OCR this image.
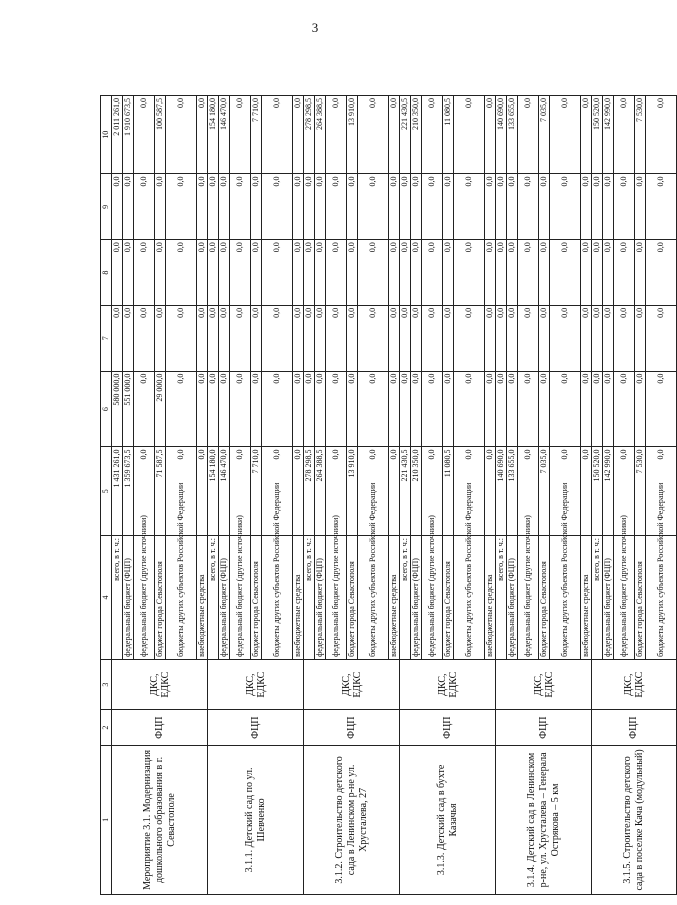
3
1	2	3	4	5	6	7	8	9	10
Мероприятие 3.1. Модернизация дошкольного образования в г. Севастополе	ФЦП	ДКС, ЕДКС	всего, в т. ч.:	1 431 261,0	580 000,0	0,0	0,0	0,0	2 011 261,0
			федеральный бюджет (ФЦП)	1 359 673,5	551 000,0	0,0	0,0	0,0	1 910 673,5
			федеральный бюджет (другие источники)	0,0	0,0	0,0	0,0	0,0	0,0
			бюджет города Севастополя	71 587,5	29 000,0	0,0	0,0	0,0	100 587,5
			бюджеты других субъектов Российской Федерации	0,0	0,0	0,0	0,0	0,0	0,0
			внебюджетные средства	0,0	0,0	0,0	0,0	0,0	0,0
3.1.1. Детский сад по ул. Шевченко	ФЦП	ДКС, ЕДКС	всего, в т. ч.:	154 180,0	0,0	0,0	0,0	0,0	154 180,0
			федеральный бюджет (ФЦП)	146 470,0	0,0	0,0	0,0	0,0	146 470,0
			федеральный бюджет (другие источники)	0,0	0,0	0,0	0,0	0,0	0,0
			бюджет города Севастополя	7 710,0	0,0	0,0	0,0	0,0	7 710,0
			бюджеты других субъектов Российской Федерации	0,0	0,0	0,0	0,0	0,0	0,0
			внебюджетные средства	0,0	0,0	0,0	0,0	0,0	0,0
3.1.2. Строительство детского сада в Ленинском р-не ул. Хрусталева, 27	ФЦП	ДКС, ЕДКС	всего, в т. ч.:	278 298,5	0,0	0,0	0,0	0,0	278 298,5
			федеральный бюджет (ФЦП)	264 388,5	0,0	0,0	0,0	0,0	264 388,5
			федеральный бюджет (другие источники)	0,0	0,0	0,0	0,0	0,0	0,0
			бюджет города Севастополя	13 910,0	0,0	0,0	0,0	0,0	13 910,0
			бюджеты других субъектов Российской Федерации	0,0	0,0	0,0	0,0	0,0	0,0
			внебюджетные средства	0,0	0,0	0,0	0,0	0,0	0,0
3.1.3. Детский сад в бухте Казачья	ФЦП	ДКС, ЕДКС	всего, в т. ч.:	221 430,5	0,0	0,0	0,0	0,0	221 430,5
			федеральный бюджет (ФЦП)	210 350,0	0,0	0,0	0,0	0,0	210 350,0
			федеральный бюджет (другие источники)	0,0	0,0	0,0	0,0	0,0	0,0
			бюджет города Севастополя	11 080,5	0,0	0,0	0,0	0,0	11 080,5
			бюджеты других субъектов Российской Федерации	0,0	0,0	0,0	0,0	0,0	0,0
			внебюджетные средства	0,0	0,0	0,0	0,0	0,0	0,0
3.1.4. Детский сад в Ленинском р-не, ул. Хрусталева – Генерала Острякова – 5 км	ФЦП	ДКС, ЕДКС	всего, в т. ч.:	140 690,0	0,0	0,0	0,0	0,0	140 690,0
			федеральный бюджет (ФЦП)	133 655,0	0,0	0,0	0,0	0,0	133 655,0
			федеральный бюджет (другие источники)	0,0	0,0	0,0	0,0	0,0	0,0
			бюджет города Севастополя	7 035,0	0,0	0,0	0,0	0,0	7 035,0
			бюджеты других субъектов Российской Федерации	0,0	0,0	0,0	0,0	0,0	0,0
			внебюджетные средства	0,0	0,0	0,0	0,0	0,0	0,0
3.1.5. Строительство детского сада в поселке Кача (модульный)	ФЦП	ДКС, ЕДКС	всего, в т. ч.:	150 520,0	0,0	0,0	0,0	0,0	150 520,0
			федеральный бюджет (ФЦП)	142 990,0	0,0	0,0	0,0	0,0	142 990,0
			федеральный бюджет (другие источники)	0,0	0,0	0,0	0,0	0,0	0,0
			бюджет города Севастополя	7 530,0	0,0	0,0	0,0	0,0	7 530,0
			бюджеты других субъектов Российской Федерации	0,0	0,0	0,0	0,0	0,0	0,0
